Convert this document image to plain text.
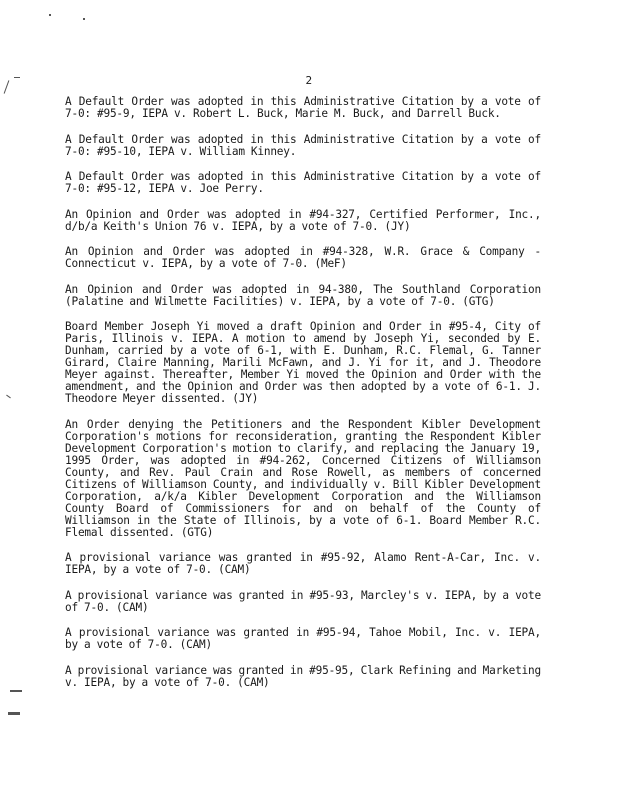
2

A Default Order was adopted in this Administrative Citation by a vote of 7-0: #95-9, IEPA v. Robert L. Buck, Marie M. Buck, and Darrell Buck.

A Default Order was adopted in this Administrative Citation by a vote of 7-0: #95-10, IEPA v. William Kinney.

A Default Order was adopted in this Administrative Citation by a vote of 7-0: #95-12, IEPA v. Joe Perry.

An Opinion and Order was adopted in #94-327, Certified Performer, Inc., d/b/a Keith's Union 76 v. IEPA, by a vote of 7-0. (JY)

An Opinion and Order was adopted in #94-328, W.R. Grace & Company - Connecticut v. IEPA, by a vote of 7-0. (MeF)

An Opinion and Order was adopted in 94-380, The Southland Corporation (Palatine and Wilmette Facilities) v. IEPA, by a vote of 7-0. (GTG)

Board Member Joseph Yi moved a draft Opinion and Order in #95-4, City of Paris, Illinois v. IEPA. A motion to amend by Joseph Yi, seconded by E. Dunham, carried by a vote of 6-1, with E. Dunham, R.C. Flemal, G. Tanner Girard, Claire Manning, Marili McFawn, and J. Yi for it, and J. Theodore Meyer against. Thereafter, Member Yi moved the Opinion and Order with the amendment, and the Opinion and Order was then adopted by a vote of 6-1. J. Theodore Meyer dissented. (JY)

An Order denying the Petitioners and the Respondent Kibler Development Corporation's motions for reconsideration, granting the Respondent Kibler Development Corporation's motion to clarify, and replacing the January 19, 1995 Order, was adopted in #94-262, Concerned Citizens of Williamson County, and Rev. Paul Crain and Rose Rowell, as members of concerned Citizens of Williamson County, and individually v. Bill Kibler Development Corporation, a/k/a Kibler Development Corporation and the Williamson County Board of Commissioners for and on behalf of the County of Williamson in the State of Illinois, by a vote of 6-1. Board Member R.C. Flemal dissented. (GTG)

A provisional variance was granted in #95-92, Alamo Rent-A-Car, Inc. v. IEPA, by a vote of 7-0. (CAM)

A provisional variance was granted in #95-93, Marcley's v. IEPA, by a vote of 7-0. (CAM)

A provisional variance was granted in #95-94, Tahoe Mobil, Inc. v. IEPA, by a vote of 7-0. (CAM)

A provisional variance was granted in #95-95, Clark Refining and Marketing v. IEPA, by a vote of 7-0. (CAM)
